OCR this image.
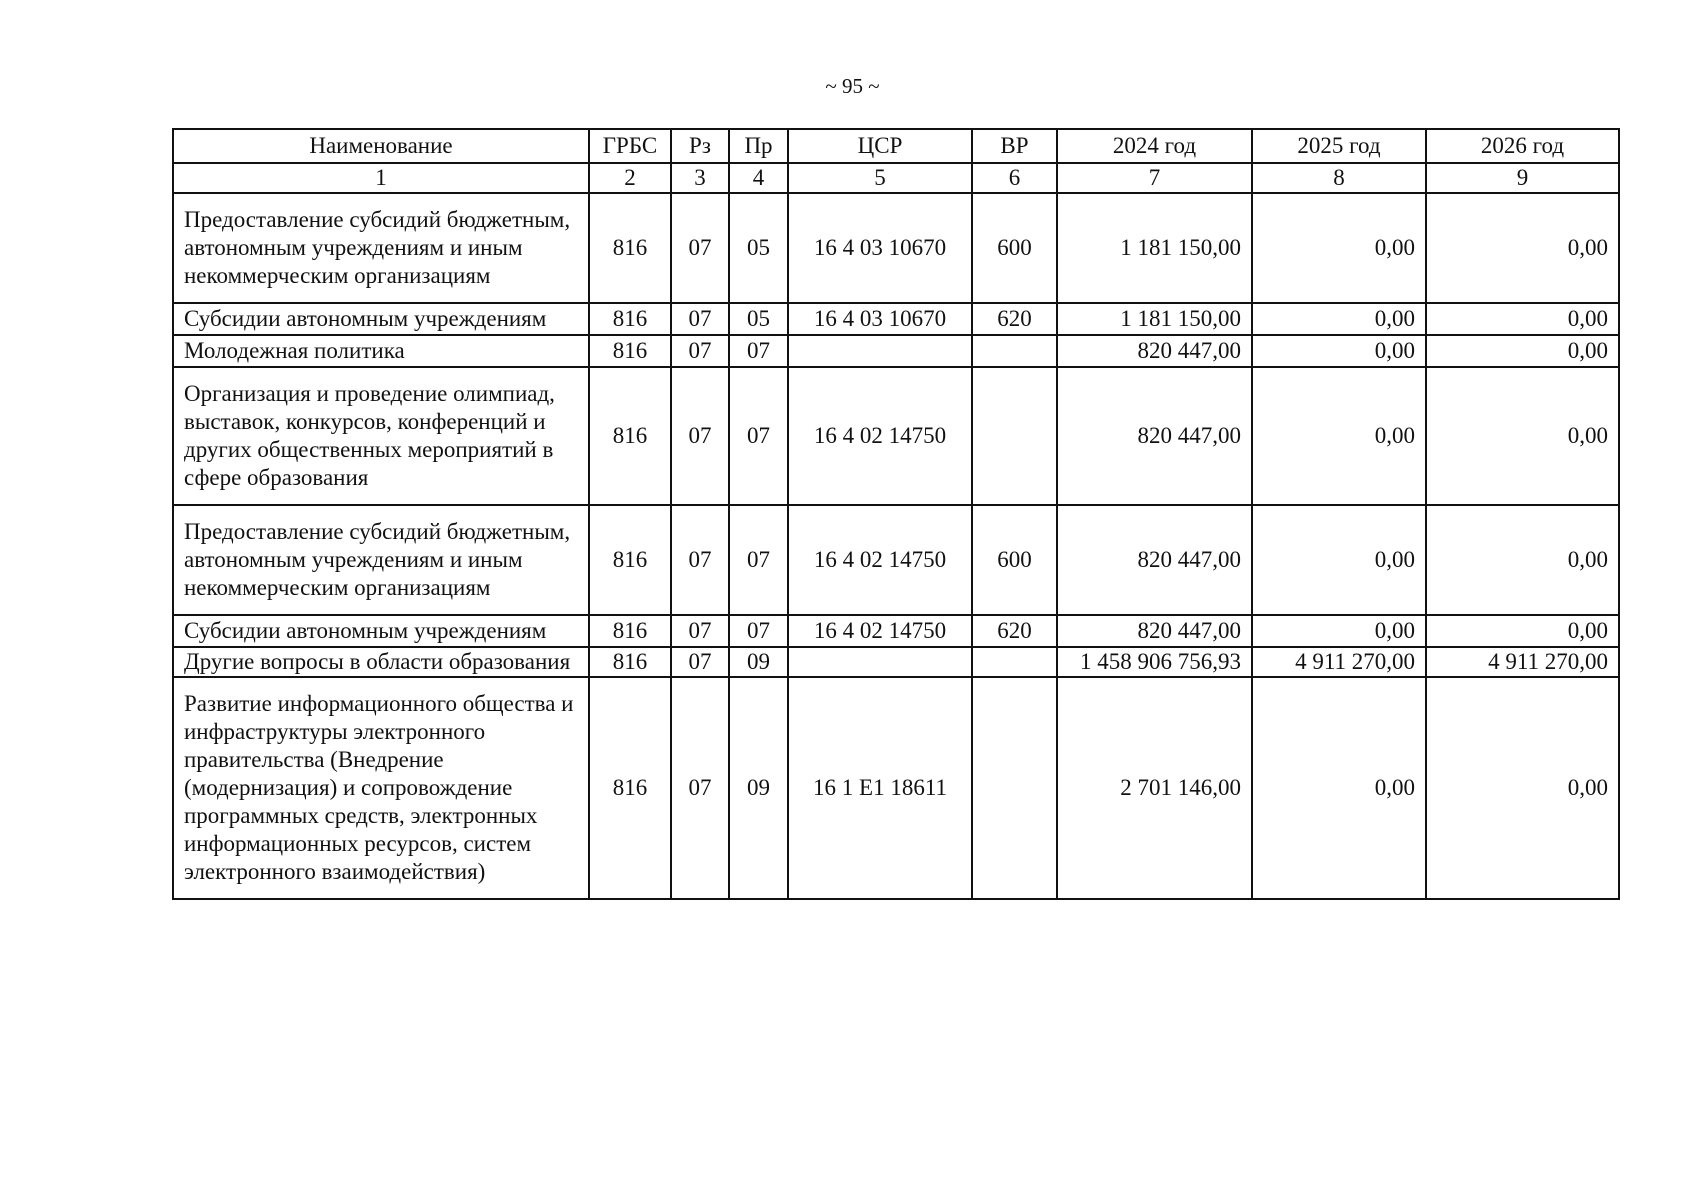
~ 95 ~
Наименование	ГРБС	Рз	Пр	ЦСР	ВР	2024 год	2025 год	2026 год
1	2	3	4	5	6	7	8	9
Предоставление субсидий бюджетным, автономным учреждениям и иным некоммерческим организациям	816	07	05	16 4 03 10670	600	1 181 150,00	0,00	0,00
Субсидии автономным учреждениям	816	07	05	16 4 03 10670	620	1 181 150,00	0,00	0,00
Молодежная политика	816	07	07			820 447,00	0,00	0,00
Организация и проведение олимпиад, выставок, конкурсов, конференций и других общественных мероприятий в сфере образования	816	07	07	16 4 02 14750		820 447,00	0,00	0,00
Предоставление субсидий бюджетным, автономным учреждениям и иным некоммерческим организациям	816	07	07	16 4 02 14750	600	820 447,00	0,00	0,00
Субсидии автономным учреждениям	816	07	07	16 4 02 14750	620	820 447,00	0,00	0,00
Другие вопросы в области образования	816	07	09			1 458 906 756,93	4 911 270,00	4 911 270,00
Развитие информационного общества и инфраструктуры электронного правительства (Внедрение (модернизация) и сопровождение программных средств, электронных информационных ресурсов, систем электронного взаимодействия)	816	07	09	16 1 E1 18611		2 701 146,00	0,00	0,00
